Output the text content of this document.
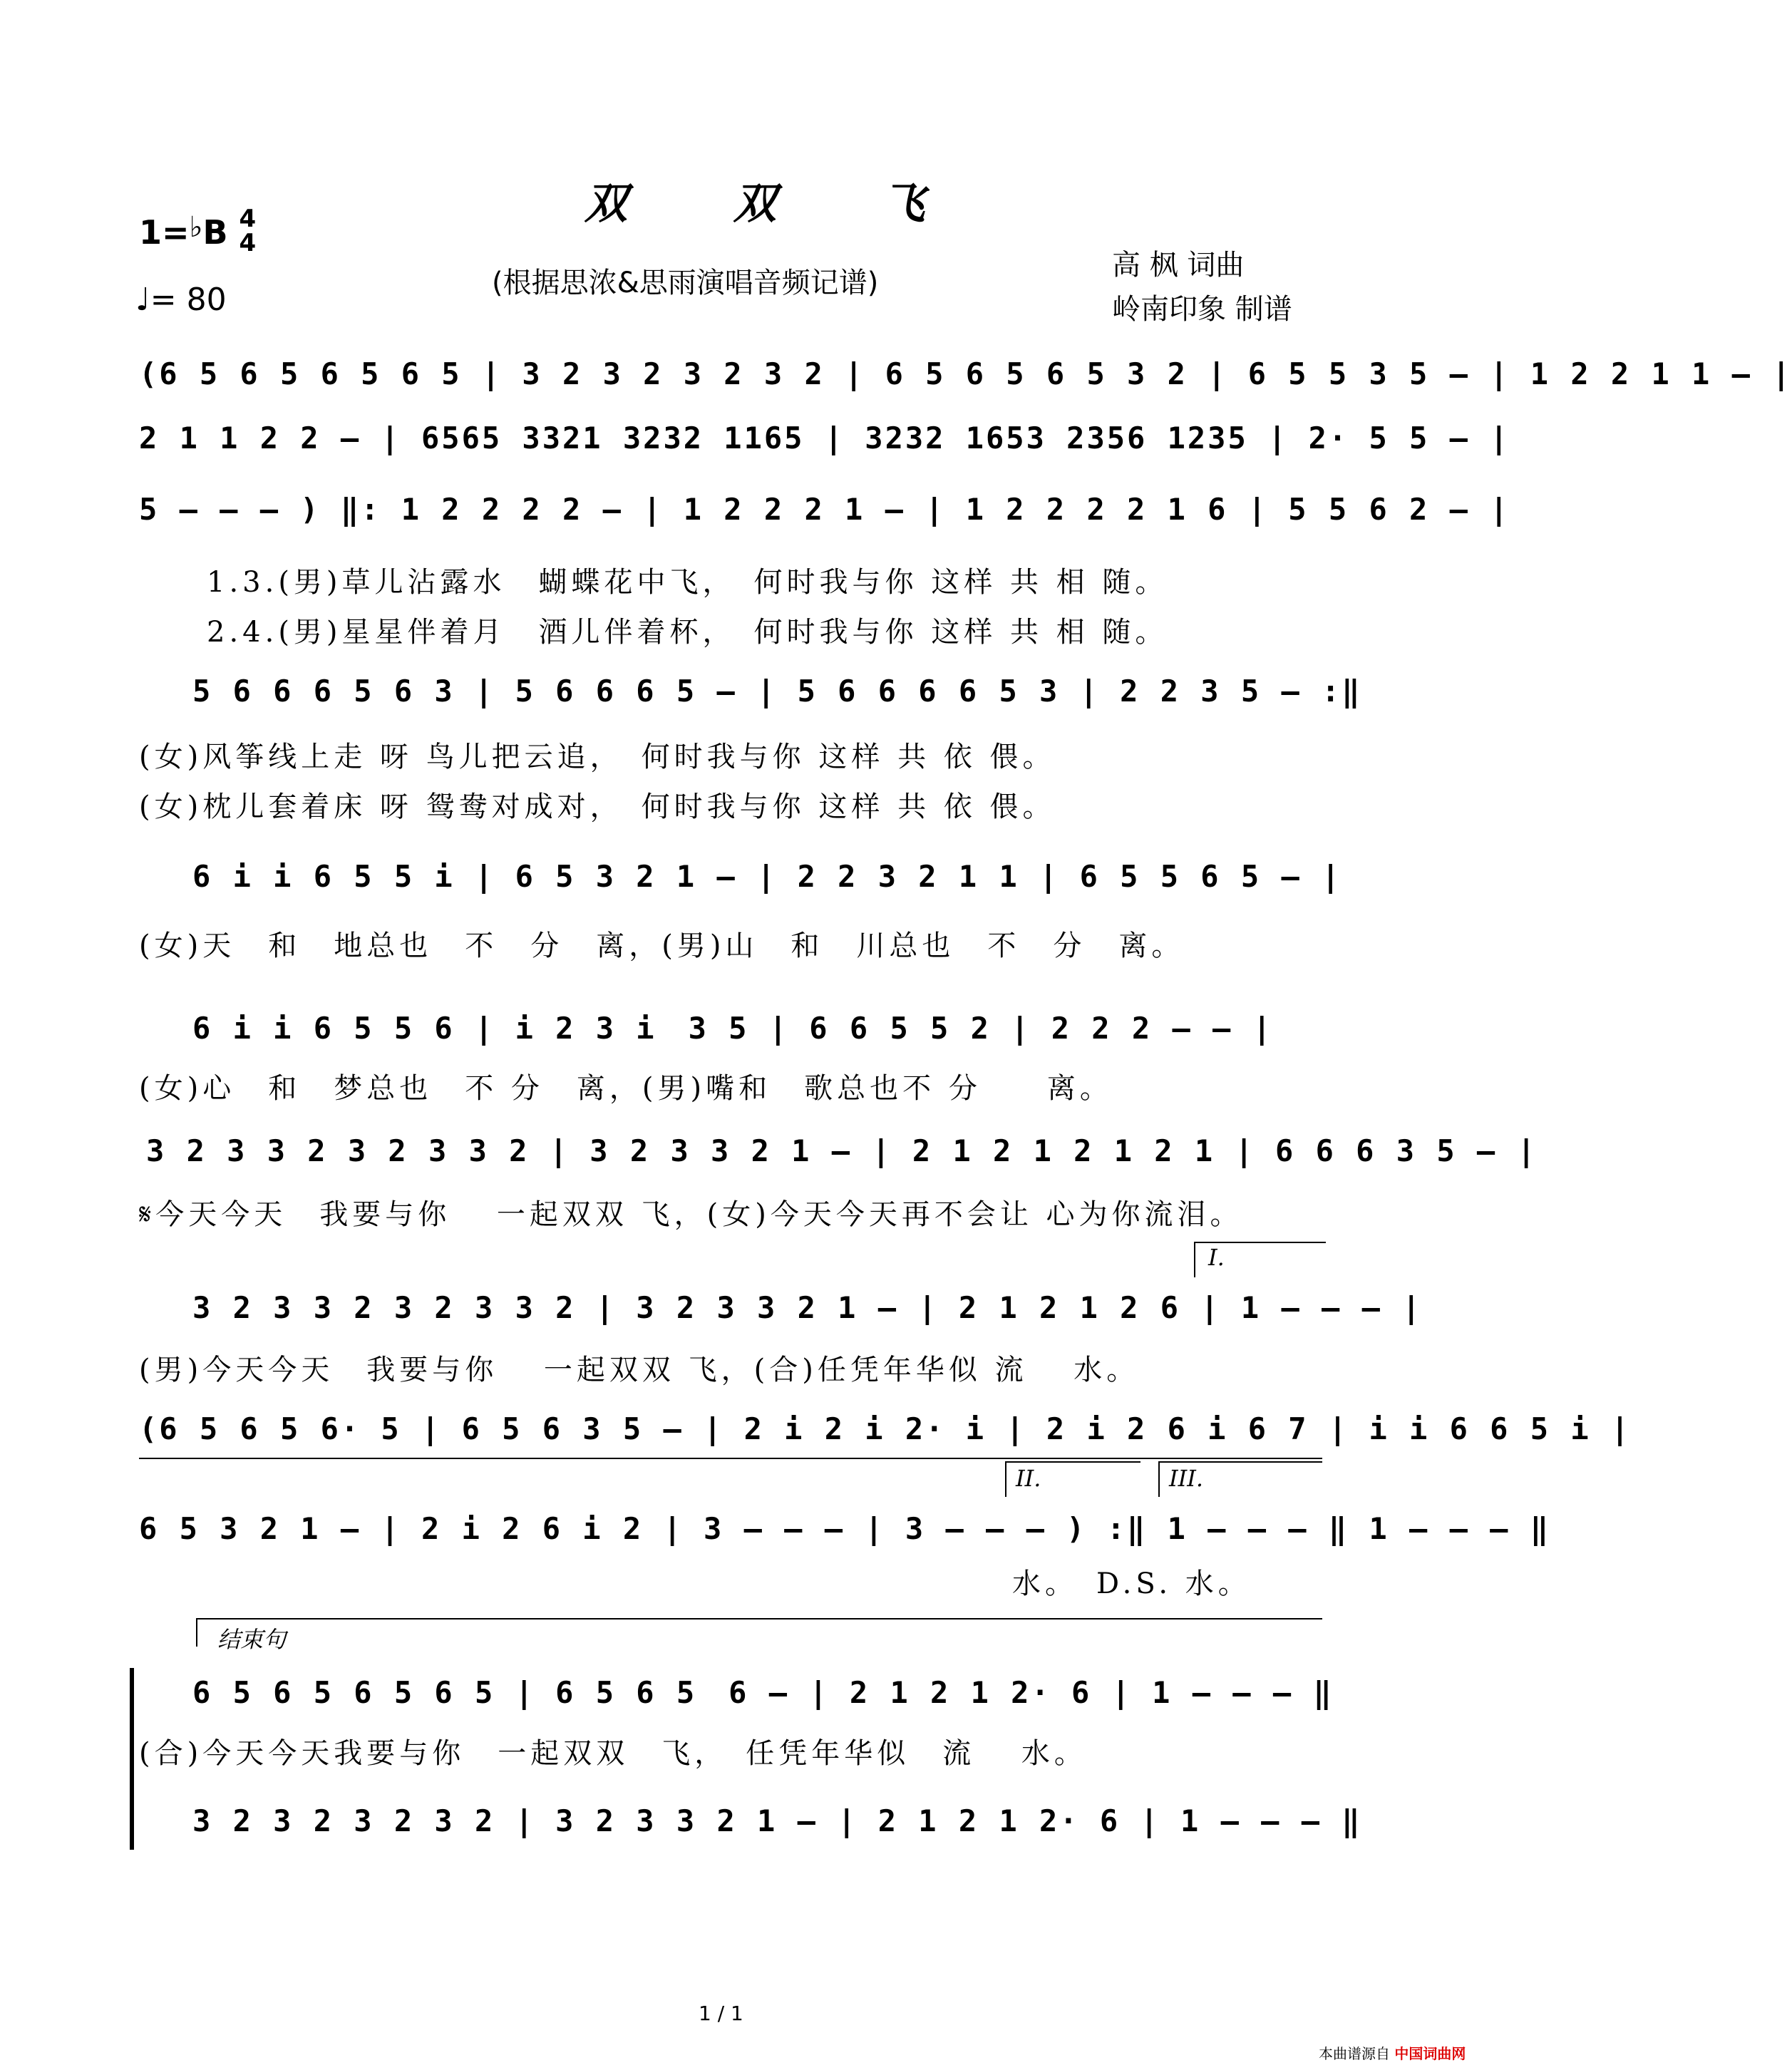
双 双 飞
(根据思浓&思雨演唱音频记谱)
1=♭B 4
4
♩= 80
高 枫 词曲
岭南印象 制谱
(6 5 6 5 6 5 6 5 | 3 2 3 2 3 2 3 2 | 6 5 6 5 6 5 3 2 | 6 5 5 3 5 – | 1 2 2 1 1 – |
2 1 1 2 2 – | 6565 3321 3232 1165 | 3232 1653 2356 1235 | 2· 5 5 – |
5 – – – ) ‖: 1 2 2 2 2 – | 1 2 2 2 1 – | 1 2 2 2 2 1 6 | 5 5 6 2 – |
1.3.(男)草儿沾露水　蝴蝶花中飞，　何时我与你 这样 共 相 随。
2.4.(男)星星伴着月　酒儿伴着杯，　何时我与你 这样 共 相 随。
5 6 6 6 5 6 3 | 5 6 6 6 5 – | 5 6 6 6 6 5 3 | 2 2 3 5 – :‖
(女)风筝线上走 呀 鸟儿把云追，　何时我与你 这样 共 依 偎。
(女)枕儿套着床 呀 鸳鸯对成对，　何时我与你 这样 共 依 偎。
6 i i 6 5 5 i | 6 5 3 2 1 – | 2 2 3 2 1 1 | 6 5 5 6 5 – |
(女)天　和　地总也　不　分　离，(男)山　和　川总也　不　分　离。
6 i i 6 5 5 6 | i 2 3 i　3 5 | 6 6 5 5 2 | 2 2 2 – – |
(女)心　和　梦总也　不 分　离，(男)嘴和　歌总也不 分　　离。
3 2 3 3 2 3 2 3 3 2 | 3 2 3 3 2 1 – | 2 1 2 1 2 1 2 1 | 6 6 6 3 5 – |
𝄋今天今天　我要与你　 一起双双 飞，(女)今天今天再不会让 心为你流泪。
I.
3 2 3 3 2 3 2 3 3 2 | 3 2 3 3 2 1 – | 2 1 2 1 2 6 | 1 – – – |
(男)今天今天　我要与你　 一起双双 飞，(合)任凭年华似 流　 水。
(6 5 6 5 6· 5 | 6 5 6 3 5 – | 2 i 2 i 2· i | 2 i 2 6 i 6 7 | i i 6 6 5 i |
II.	III.
6 5 3 2 1 – | 2 i 2 6 i 2 | 3 – – – | 3 – – – ) :‖ 1 – – – ‖ 1 – – – ‖
水。　D.S. 水。
结束句
6 5 6 5 6 5 6 5 | 6 5 6 5　6 – | 2 1 2 1 2· 6 | 1 – – – ‖
(合)今天今天我要与你　一起双双　飞，　任凭年华似　流　 水。
3 2 3 2 3 2 3 2 | 3 2 3 3 2 1 – | 2 1 2 1 2· 6 | 1 – – – ‖
1 / 1
本曲谱源自 中国词曲网
